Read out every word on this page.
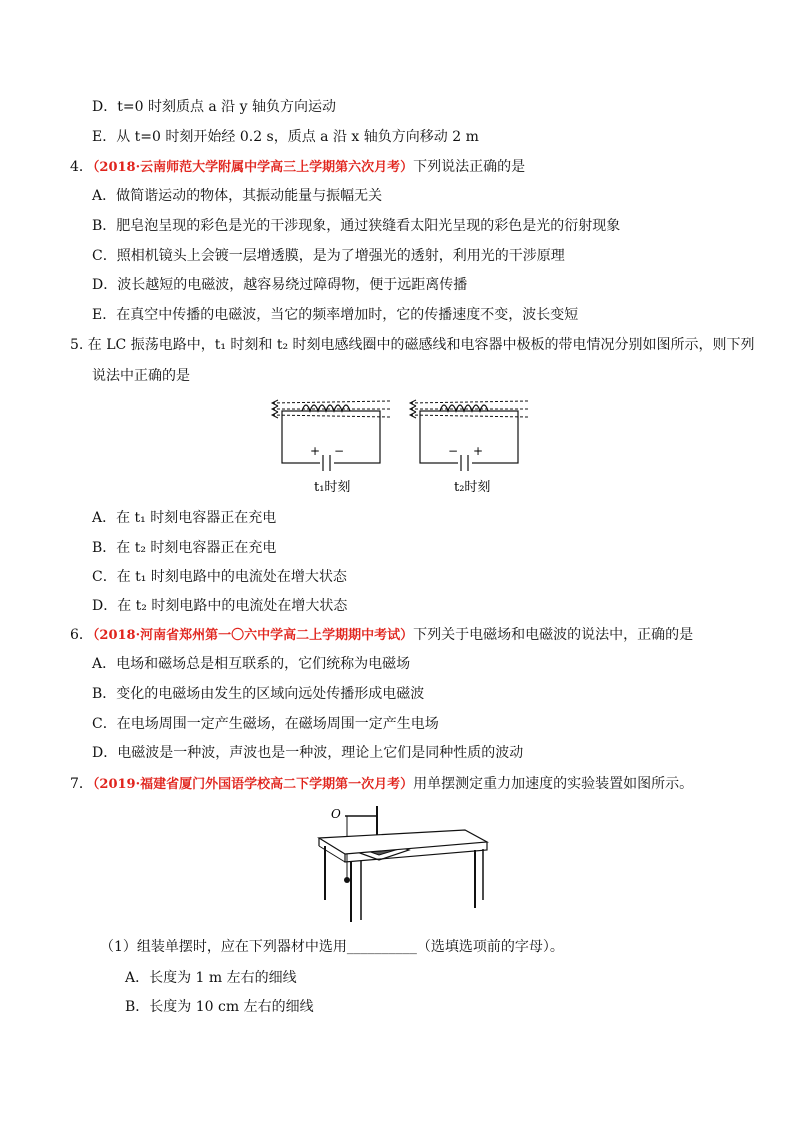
D．t=0 时刻质点 a 沿 y 轴负方向运动
E．从 t=0 时刻开始经 0.2 s，质点 a 沿 x 轴负方向移动 2 m
4．（2018·云南师范大学附属中学高三上学期第六次月考）下列说法正确的是
A．做简谐运动的物体，其振动能量与振幅无关
B．肥皂泡呈现的彩色是光的干涉现象，通过狭缝看太阳光呈现的彩色是光的衍射现象
C．照相机镜头上会镀一层增透膜，是为了增强光的透射，利用光的干涉原理
D．波长越短的电磁波，越容易绕过障碍物，便于远距离传播
E．在真空中传播的电磁波，当它的频率增加时，它的传播速度不变，波长变短
5. 在 LC 振荡电路中，t₁ 时刻和 t₂ 时刻电感线圈中的磁感线和电容器中极板的带电情况分别如图所示，则下列
说法中正确的是
+ −
t₁时刻
− +
t₂时刻
A．在 t₁ 时刻电容器正在充电
B．在 t₂ 时刻电容器正在充电
C．在 t₁ 时刻电路中的电流处在增大状态
D．在 t₂ 时刻电路中的电流处在增大状态
6．（2018·河南省郑州第一〇六中学高二上学期期中考试）下列关于电磁场和电磁波的说法中，正确的是
A．电场和磁场总是相互联系的，它们统称为电磁场
B．变化的电磁场由发生的区域向远处传播形成电磁波
C．在电场周围一定产生磁场，在磁场周围一定产生电场
D．电磁波是一种波，声波也是一种波，理论上它们是同种性质的波动
7．（2019·福建省厦门外国语学校高二下学期第一次月考）用单摆测定重力加速度的实验装置如图所示。
O
（1）组装单摆时，应在下列器材中选用__________（选填选项前的字母）。
A．长度为 1 m 左右的细线
B．长度为 10 cm 左右的细线
